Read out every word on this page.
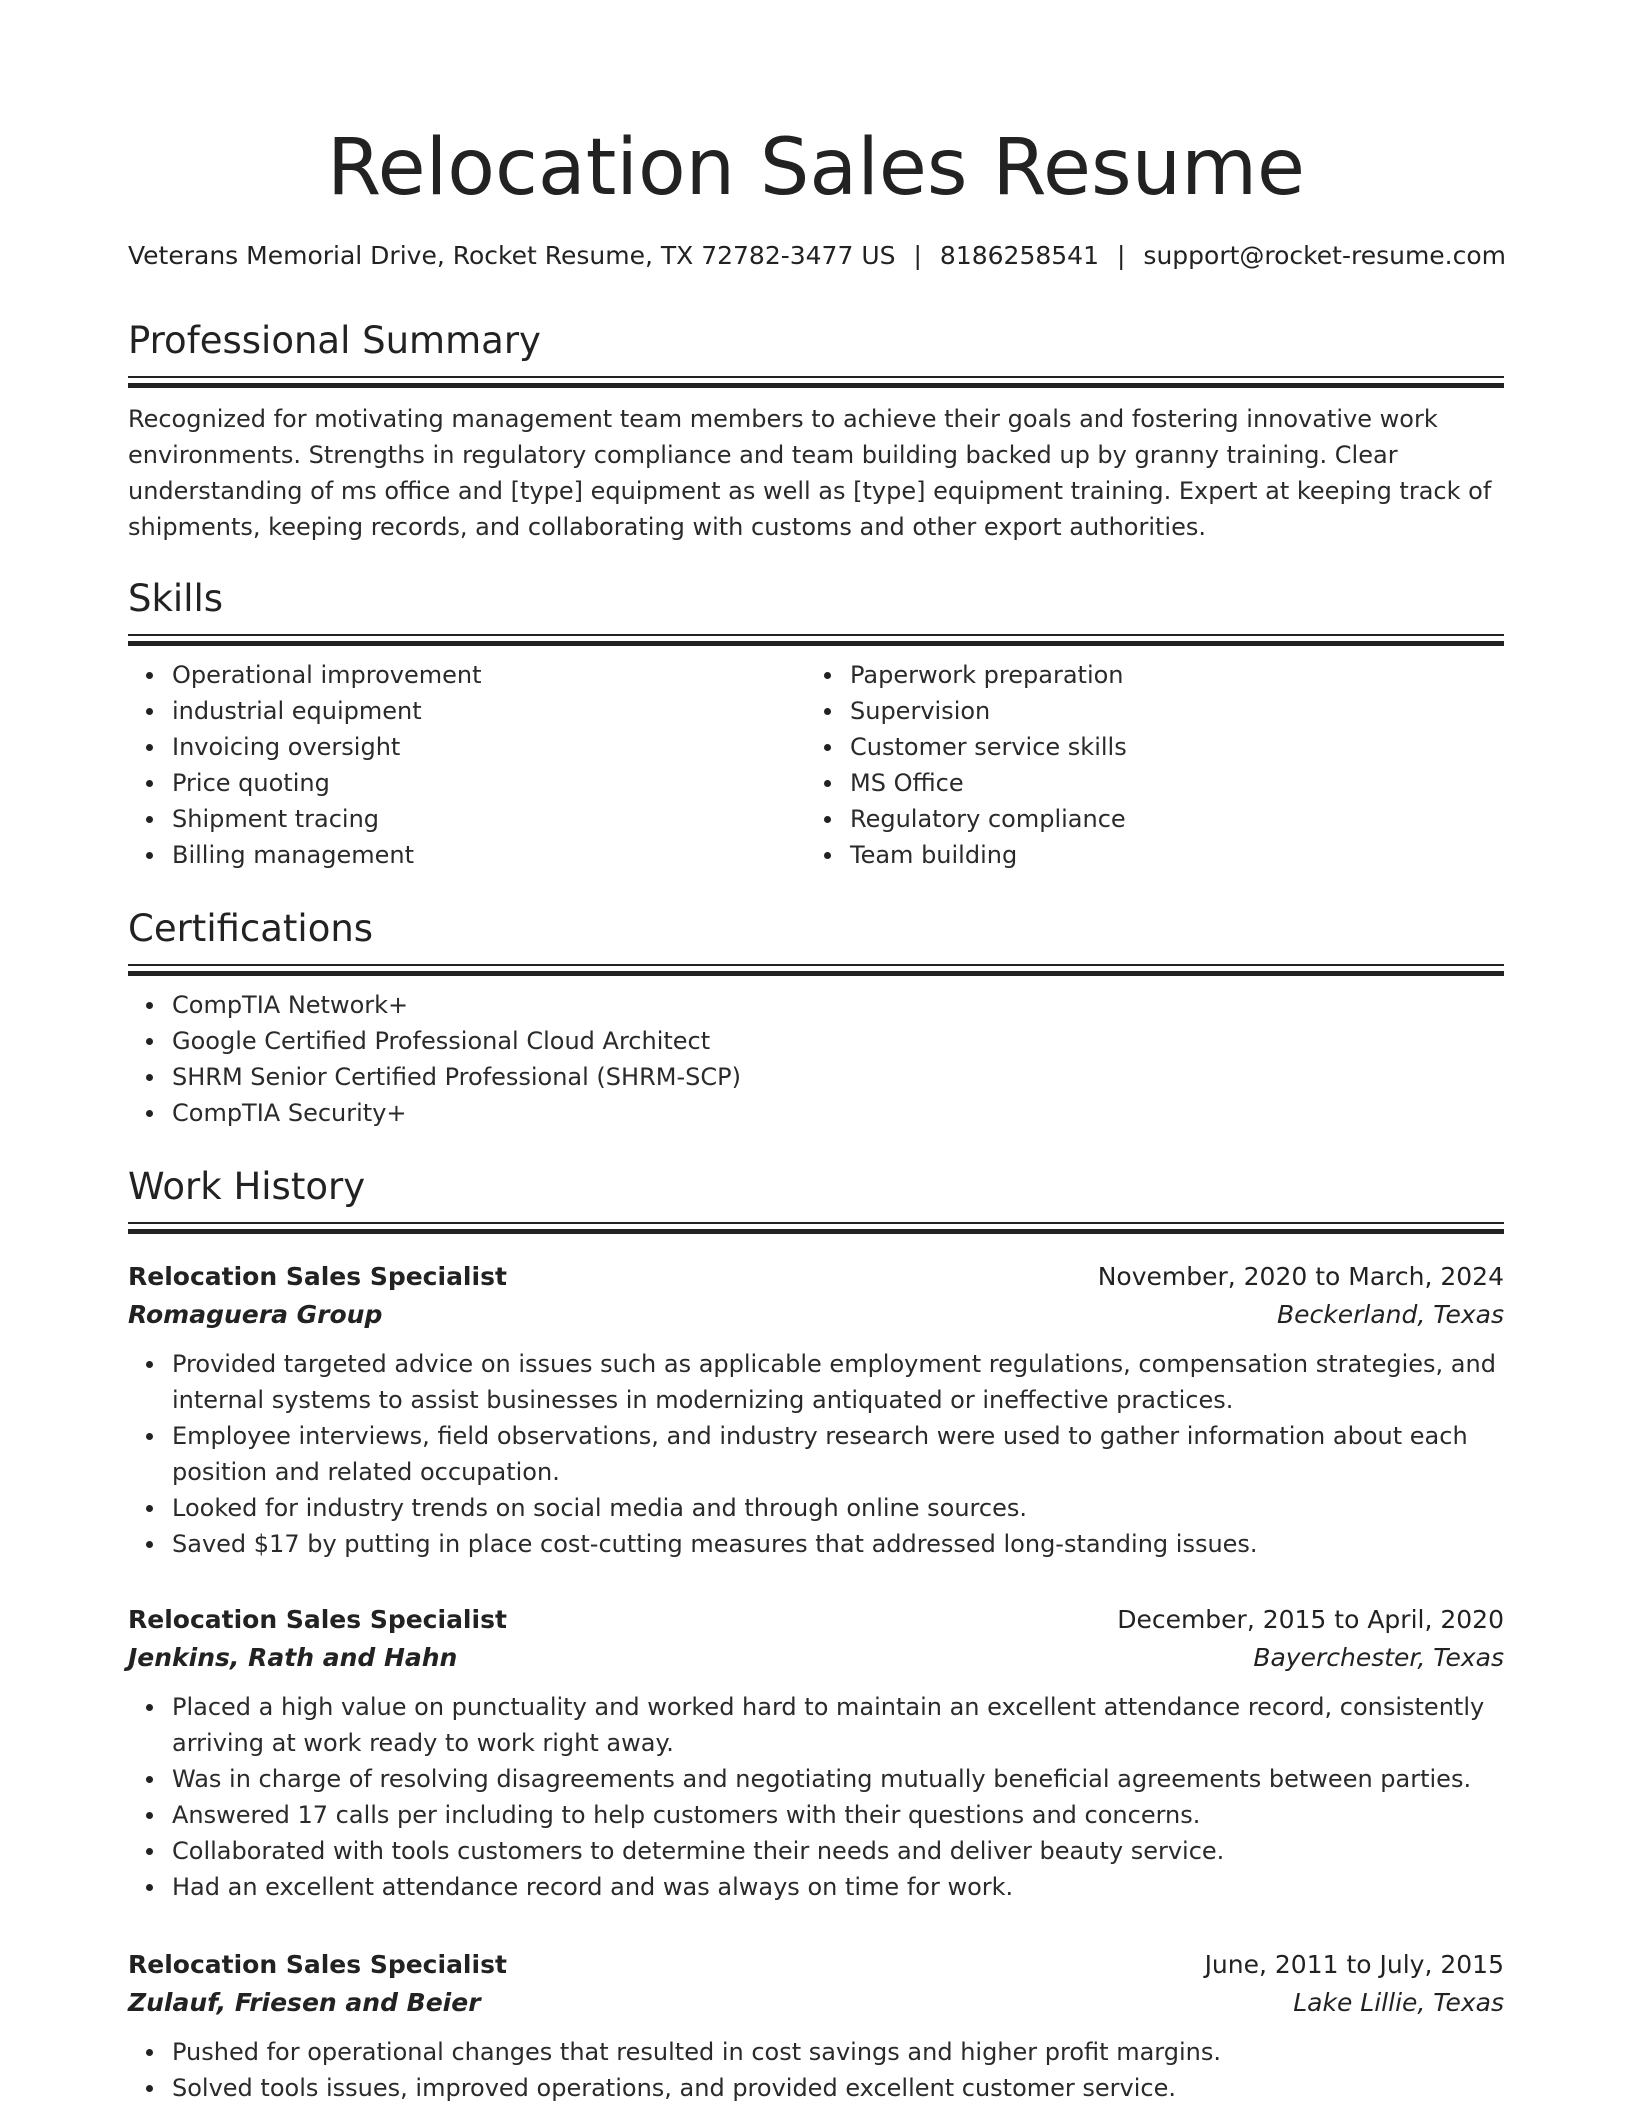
Relocation Sales Resume
Veterans Memorial Drive, Rocket Resume, TX 72782-3477 US | 8186258541 | support@rocket-resume.com
Professional Summary

Recognized for motivating management team members to achieve their goals and fostering innovative work environments. Strengths in regulatory compliance and team building backed up by granny training. Clear understanding of ms office and [type] equipment as well as [type] equipment training. Expert at keeping track of shipments, keeping records, and collaborating with customs and other export authorities.

Skills
Operational improvement
industrial equipment
Invoicing oversight
Price quoting
Shipment tracing
Billing management
Paperwork preparation
Supervision
Customer service skills
MS Office
Regulatory compliance
Team building
Certifications
CompTIA Network+
Google Certified Professional Cloud Architect
SHRM Senior Certified Professional (SHRM-SCP)
CompTIA Security+
Work History
Relocation Sales Specialist	November, 2020 to March, 2024
Romaguera Group	Beckerland, Texas
Provided targeted advice on issues such as applicable employment regulations, compensation strategies, and internal systems to assist businesses in modernizing antiquated or ineffective practices.
Employee interviews, field observations, and industry research were used to gather information about each position and related occupation.
Looked for industry trends on social media and through online sources.
Saved $17 by putting in place cost-cutting measures that addressed long-standing issues.
Relocation Sales Specialist	December, 2015 to April, 2020
Jenkins, Rath and Hahn	Bayerchester, Texas
Placed a high value on punctuality and worked hard to maintain an excellent attendance record, consistently arriving at work ready to work right away.
Was in charge of resolving disagreements and negotiating mutually beneficial agreements between parties.
Answered 17 calls per including to help customers with their questions and concerns.
Collaborated with tools customers to determine their needs and deliver beauty service.
Had an excellent attendance record and was always on time for work.
Relocation Sales Specialist	June, 2011 to July, 2015
Zulauf, Friesen and Beier	Lake Lillie, Texas
Pushed for operational changes that resulted in cost savings and higher profit margins.
Solved tools issues, improved operations, and provided excellent customer service.
